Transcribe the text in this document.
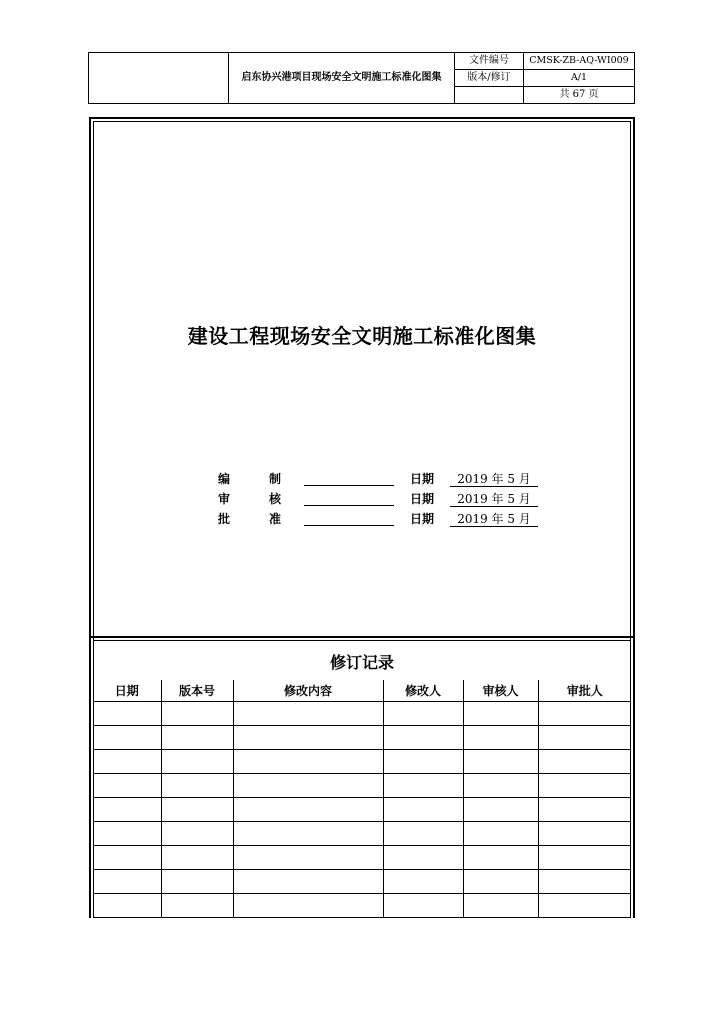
	启东协兴港项目现场安全文明施工标准化图集	文件编号	CMSK-ZB-AQ-WI009
		版本/修订	A/1
			共 67 页
建设工程现场安全文明施工标准化图集
编	制	日期	2019 年 5 月
审	核	日期	2019 年 5 月
批	准	日期	2019 年 5 月
修订记录
日期	版本号	修改内容	修改人	审核人	审批人
